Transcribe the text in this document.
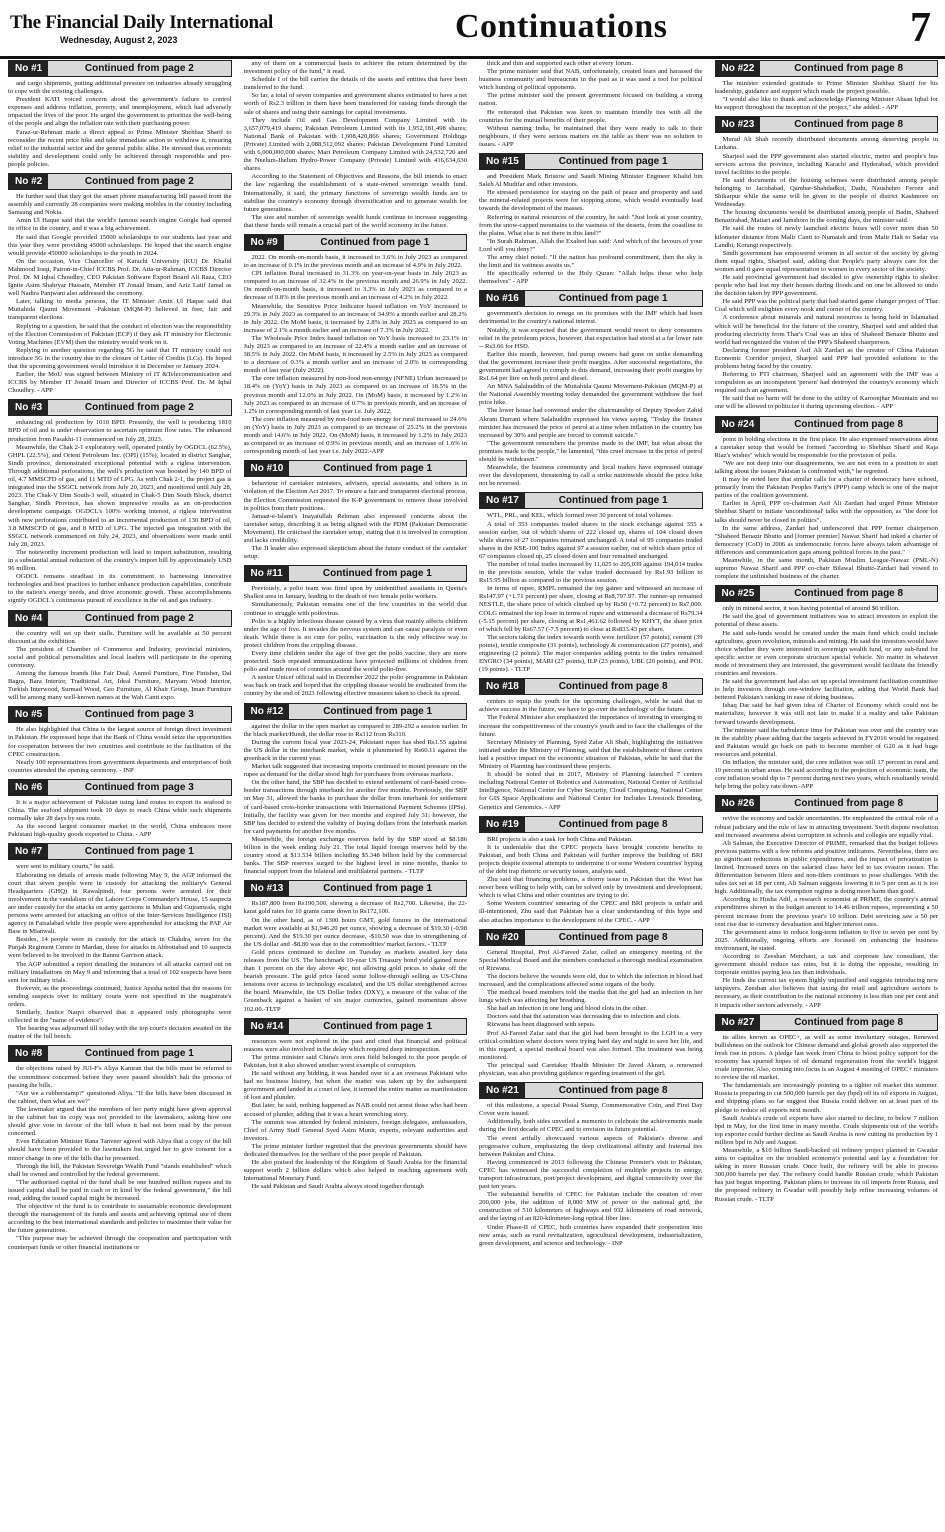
The Financial Daily International
Wednesday, August 2, 2023	Continuations	7
No #1	Continued from page 2

and cargo shipments, putting additional pressure on industries already struggling to cope with the existing challenges.

President KATI voiced concern about the government's failure to control expenses and address inflation, poverty, and unemployment, which had adversely impacted the lives of the poor. He urged the government to prioritize the well-being of the people and align the inflation rate with their purchasing power.

Faraz-ur-Rehman made a direct appeal to Prime Minister Shehbaz Sharif to reconsider the recent price hike and take immediate action to withdraw it, ensuring relief to the industrial sector and the general public alike. He stressed that economic stability and development could only be achieved through responsible and pro-people policies.

No #2	Continued from page 2

He further said that they got the smart phone manufacturing bill passed from the assembly and currently 28 companies were making mobiles in the country including Samsung and Nokia.

Amin Ul Haque said that the world's famous search engine Google had opened its office in the country, and it was a big achievement.

He said that Google provided 15000 scholarships to our students last year and this year they were providing 45000 scholarships. He hoped that the search engine would provide 450000 scholarships to the youth in 2024.

On the occasion, Vice Chancellor of Karachi University (KU) Dr. Khalid Mahmood Iraqi, Patron-in-Chief ICCBS Prof. Dr. Atta-ur-Rahman, ICCBS Director Prof. Dr. M Iqbal Choudhry, CEO Pakistan Software Export Board Ali Raza, CEO Ignite Asim Shahryar Hussain, Member IT Jonaid Imam, and Aziz Latif Jamal as well Nadira Panjwani also addressed the ceremony.

Later, talking to media persons, the IT Minister Amin Ul Haque said that Muttahida Qaumi Movement -Pakistan (MQM-P) believed in free, fair and transparent elections.

Replying to a question, he said that the conduct of election was the responsibility of the Election Commission of Pakistan (ECP) if they ask IT ministry for Electronic Voting Machines (EVM) then the ministry would work on it.

Replying to another question regarding 5G he said that IT ministry could not introduce 5G in the country due to the closure of Letter of Credits (LCs). He hoped that the upcoming government would introduce it in December or January 2024.

Earlier, the MoU was signed between Ministry of IT &Telecommunication and ICCBS by Member IT Jonaid Imam and Director of ICCBS Prof. Dr. M Iqbal Choudhry. - APP

No #3	Continued from page 2

enhancing oil production by 1010 BPD. Presently, the well is producing 1810 BPD of oil and is under observation to ascertain optimum flow rates. The enhanced production from Pasakhi-11 commenced on July 28, 2023.

Meanwhile, the Chak 2-1 exploratory well, operated jointly by OGDCL (62.5%), GHPL (22.5%), and Orient Petroleum Inc. (OPI) (15%), located in district Sanghar, Sindh province, demonstrated exceptional potential with a rigless intervention. Through additional perforations, the well's production was boosted by 140 BPD of oil, 4.7 MMSCFD of gas, and 11 MTD of LPG. As with Chak 2-1, the project gas is integrated into the SSGCL network from July 20, 2023, and monitored until July 28, 2023. The Chak-V Dim South-3 well, situated in Chak-5 Dim South Block, district Sanghar, Sindh Province, has shown impressive results as an on-production development campaign. OGDCL's 100% working interest, a rigless intervention with new perforations contributed to an incremental production of 130 BPD of oil, 3.8 MMSCFD of gas, and 8 MTD of LPG. The injected gas integration with the SSGCL network commenced on July 24, 2023, and observations were made until July 28, 2023.

The noteworthy increment production will lead to import substitution, resulting in a substantial annual reduction of the country's import bill by approximately USD 96 million.

OGDCL remains steadfast in its commitment to harnessing innovative technologies and best practices to further enhance production capabilities, contribute to the nation's energy needs, and drive economic growth. These accomplishments signify OGDCL's continuous pursuit of excellence in the oil and gas industry.

No #4	Continued from page 2

the country will set up their stalls. Furniture will be available at 50 percent discount at the exhibition.

The president of Chamber of Commerce and Industry, provincial ministers, social and political personalities and local leaders will participate in the opening ceremony.

Among the famous brands like Fair Deal, Anmol Furniture, Fine Finisher, Dal Bagra, Bara Interior, Traditional Art, Ideal Furniture, Maryam Wood Interior, Turkish Interwood, Surmad Wood, Geo Furniture, Al Khair Group, Iman Furniture will be among many well-known names at the Wah Cantt expo.

No #5	Continued from page 3

He also highlighted that China is the largest source of foreign direct investment in Pakistan. He expressed hope that the Bank of China would seize the opportunities for cooperation between the two countries and contribute to the facilitation of the CPEC construction.

Nearly 100 representatives from government departments and enterprises of both countries attended the opening ceremony. - INP

No #6	Continued from page 3

It is a major achievement of Pakistan using land routes to export its seafood to China. The seafood shipment took 10 days to reach China while such shipments normally take 28 days by sea route.

As the second largest consumer market in the world, China embraces more Pakistani high-quality goods exported to China. - APP

No #7	Continued from page 1

were sent to military courts," he said.

Elaborating on details of arrests made following May 9, the AGP informed the court that seven people were in custody for attacking the military's General Headquarters (GHQ) in Rawalpindi, four persons were arrested for their involvement in the vandalism of the Lahore Corps Commander's House, 15 suspects are under custody for the attacks on army garrisons in Multan and Gujranwala, eight persons were arrested for attacking an office of the Inter-Services Intelligence (ISI) agency in Faisalabad while five people were apprehended for attacking the PAF Air Base in Mianwali.

Besides, 14 people were in custody for the attack in Chakdra, seven for the Punjab Regiment Centre in Mardan, three for attacks in Abbottabad and 10 suspects were believed to be involved in the Bannu Garrison attack.

The AGP submitted a report detailing the instances of all attacks carried out on military installations on May 9 and informing that a total of 102 suspects have been sent for military trials.

However, as the proceedings continued, Justice Ayesha noted that the reasons for sending suspects over to military courts were not specified in the magistrate's orders.

Similarly, Justice Naqvi observed that it appeared only photographs were collected in the "name of evidence".

The hearing was adjourned till today with the top court's decision awaited on the matter of the full bench.

No #8	Continued from page 1

the objections raised by JUI-F's Aliya Kamran that the bills must be referred to the committees concerned before they were passed shouldn't halt the process of passing the bills.

"Are we a rubberstamp?" questioned Aliya. "If the bills have been discussed in the cabinet, then what are we?"

The lawmaker argued that the members of her party might have given approval in the cabinet but its copy was not provided to the lawmakers, asking how one should give vote in favour of the bill when it had not been read by the person concerned.

Even Education Minister Rana Tanveer agreed with Aliya that a copy of the bill should have been provided to the lawmakers but urged her to give consent for a minor change in one of the bills that he presented.

Through the bill, the Pakistan Sovereign Wealth Fund "stands established" which shall be owned and controlled by the federal government.

"The authorised capital of the fund shall be one hundred million rupees and its issued capital shall be paid in cash or in kind by the federal government," the bill read, adding the issued capital might be increased.

The objective of the fund is to contribute to sustainable economic development through the management of its funds and assets and achieving optimal use of them according to the best international standards and policies to maximise their value for the future generations.

"This purpose may be achieved through the cooperation and participation with counterpart funds or other financial institutions or

any of them on a commercial basis to achieve the return determined by the investment policy of the fund," it read.

Schedule I of the bill carries the details of the assets and entities that have been transferred to the fund.

So far, a total of seven companies and government shares estimated to have a net worth of Rs2.3 trillion in them have been transferred for raising funds through the sale of shares and using their earnings for capital investments.

They include Oil and Gas Development Company Limited with its 3,657,079,419 shares; Pakistan Petroleum Limited with its 1,952,181,498 shares; National Bank of Pakistan with 1,608,420,866 shares; Government Holdings (Private) Limited with 2,088,512,092 shares; Pakistan Development Fund Limited with 6,000,000,000 shares; Mari Petroleum Company Limited with 24,532,720 and the Neelum-Jhelum Hydro-Power Company (Private) Limited with 416,634,630 shares.

According to the Statement of Objectives and Reasons, the bill intends to enact the law regarding the establishment of a state-owned sovereign wealth fund. Internationally, it said, the primary functions of sovereign wealth funds are to stabilise the country's economy through diversification and to generate wealth for future generations.

The size and number of sovereign wealth funds continue to increase suggesting that these funds will remain a crucial part of the world economy in the future.

No #9	Continued from page 1

2022. On month-on-month basis, it increased to 3.6% in July 2023 as compared to an increase of 0.1% in the previous month and an increase of 4.9% in July 2022.

CPI inflation Rural increased to 31.3% on year-on-year basis in July 2023 as compared to an increase of 32.4% in the previous month and 26.9% in July 2022. On month-on-month basis, it increased to 3.3% in July 2023 as compared to a decrease of 0.8% in the previous month and an increase of 4.2% in July 2022.

Meanwhile, the Sensitive Price Indicator based inflation on YoY increased to 29.3% in July 2023 as compared to an increase of 34.9% a month earlier and 28.2% in July 2022. On MoM basis, it increased by 2.8% in July 2023 as compared to an increase of 2.1% a month earlier and an increase of 7.3% in July 2022.

The Wholesale Price Index based inflation on YoY basis increased to 23.1% in July 2023 as compared to an increase of 22.4% a month earlier and an increase of 38.5% in July 2022. On MoM basis, it increased by 2.5% in July 2023 as compared to a decrease of 0.3% a month earlier and an increase of 2.0% in corresponding month of last year (July 2022).

The core inflation measured by non-food non-energy (NFNE) Urban increased to 18.4% on (YoY) basis in July 2023 as compared to an increase of 18.5% in the previous month and 12.0% in July 2022. On (MoM) basis, it increased by 1.2% in July 2023 as compared to an increase of 0.7% in previous month, and an increase of 1.2% in corresponding month of last year i.e. July 2022.

The core inflation measured by non-food non-energy for rural increased to 24.6% on (YoY) basis in July 2023 as compared to an increase of 25.2% in the previous month and 14.6% in July 2022. On (MoM) basis, it increased by 1.2% in July 2023 as compared to an increase of 0.9% in previous month, and an increase of 1.6% in corresponding month of last year i.e. July 2022.-APP

No #10	Continued from page 1

behaviour of caretaker ministers, advisers, special assistants, and others is in violation of the Election Act 2017. To ensure a fair and transparent electoral process, the Election Commission requested the K-P government to remove those involved in politics from their positions.

Jamaat-e-Islami's Inayatullah Rehman also expressed concerns about the caretaker setup, describing it as being aligned with the PDM (Pakistan Democratic Movement). He criticised the caretaker setup, stating that it is involved in corruption and lacks credibility.

The JI leader also expressed skepticism about the future conduct of the caretaker setup.

No #11	Continued from page 1

Previously, a polio team was fired upon by unidentified assailants in Quetta's Shalkot area in January, leading to the death of two female polio workers.

Simultaneously, Pakistan remains one of the few countries in the world that continue to struggle with poliovirus.

Polio is a highly infectious disease caused by a virus that mainly affects children under the age of five. It invades the nervous system and can cause paralysis or even death. While there is no cure for polio, vaccination is the only effective way to protect children from the crippling disease.

Every time children under the age of five get the polio vaccine, they are more protected. Such repeated immunizations have protected millions of children from polio and made most of countries around the world polio-free.

A senior Unicef official said in December 2022 the polio programme in Pakistan was back on track and hoped that the crippling disease would be eradicated from the country by the end of 2023 following effective measures taken to check its spread.

No #12	Continued from page 1

against the dollar in the open market as compared to 289-292 a session earlier. In the black market/Hundi, the dollar rose to Rs312 from Rs310.

During the current fiscal year 2023-24, Pakistani rupee has shed Rs1.55 against the US dollar in the interbank market, while it plummeted by Rs60.11 against the greenback in the current year.

Market talk suggested that increasing imports continued to mount pressure on the rupee as demand for the dollar stood high for purchases from overseas markets.

On the other hand, the SBP has decided to extend settlement of card-based cross-border transactions through interbank for another five months. Previously, the SBP on May 31, allowed the banks to purchase the dollar from interbank for settlement of card-based cross-border transactions with International Payment Schemes (IPSs). Initially, the facility was given for two months and expired July 31; however, the SBP has decided to extend the validity of buying dollars from the interbank market for card payments for another five months.

Meanwhile, the foreign exchange reserves held by the SBP stood at $8.186 billion in the week ending July 21. The total liquid foreign reserves held by the country stood at $13.534 billion including $5.348 billion held by the commercial banks. The SBP reserves surged to the highest level in nine months, thanks to financial support from the bilateral and multilateral partners. - TLTP

No #13	Continued from page 1

Rs187,800 from Rs190,500, showing a decrease of Rs2,700. Likewise, the 22-karat gold rates for 10 grams came down to Rs172,100.

On the other hand, as of 1300 hours GMT, gold futures in the international market were available at $1,946.20 per ounce, showing a decrease of $19.30 (-0.98 percent). And the $19.30 per ounce decrease, -$10.50 was due to strengthening of the US dollar and -$8.80 was due to the commodities' market factors. - TLTP

Gold prices continued to decline on Tuesday as markets awaited key data releases from the US. The benchmark 10-year US Treasury bond yield gained more than 1 percent on the day above 4pc, not allowing gold prices to shake off the bearish pressure. The gold price faced some follow-through selling as US-China tensions over access to technology escalated, and the US dollar strengthened across the board. Meanwhile, the US Dollar Index (DXY), a measure of the value of the Greenback against a basket of six major currencies, gained momentum above 102.00.-TLTP

No #14	Continued from page 1

resources were not explored in the past and cited that financial and political reasons were also involved in the delay which required deep introspection.

The prime minister said China's iron ores field belonged to the poor people of Pakistan, but it also showed another worst example of corruption.

He said without any bidding, it was handed over to a an overseas Pakistani who had no business history, but when the matter was taken up by the subsequent government and landed in a court of law, it termed the entire matter as manifestation of loot and plunder.

But later, he said, nothing happened as NAB could not arrest those who had been accused of plunder, adding that it was a heart wrenching story.

The summit was attended by federal ministers, foreign delegates, ambassadors, Chief of Army Staff General Syed Asim Munir, experts, relevant authorities and investors.

The prime minister further regretted that the previous governments should have dedicated themselves for the welfare of the poor people of Pakistan.

He also praised the leadership of the Kingdom of Saudi Arabia for the financial support worth 2 billion dollars which also helped in reaching agreement with International Monetary Fund.

He said Pakistan and Saudi Arabia always stood together through

thick and thin and supported each other at every forum.

The prime minister said that NAB, unfortunately, created fears and harassed the business community and bureaucrats in the past as it was used a tool for political witch hunting of political opponents.

The prime minister said the present government focused on building a strong nation.

He reiterated that Pakistan was keen to maintain friendly ties with all the countries for the mutual benefits of their people.

Without naming India, he maintained that they were ready to talk to their neighbours, if they were serious matters on the table as there was no solution to issues. - APP

No #15	Continued from page 1

and President Mark Bristow and Saudi Mining Minister Engineer Khalid bin Saleh Al Mudifar and other investors.

He stressed persistence for staying on the path of peace and prosperity and said the mineral-related projects were for stopping stone, which would eventually lead towards the development of the masses.

Referring to natural resources of the country, he said: "Just look at your country, from the snow-capped mountains to the vastness of the deserts, from the coastline to the plains. What else is not there in this land?"

"In Surah Rahman, Allah the Exalted has said: And which of the favours of your Lord will you deny?"

The army chief noted: "If the nation has profound commitment, then the sky is the limit and its vastness awaits us."

He specifically referred to the Holy Quran: "Allah helps those who help themselves" - APP

No #16	Continued from page 1

government's decision to renege on its promises with the IMF which had been detrimental to the country's national interest.

Notably, it was expected that the government would resort to deny consumers relief in the petroleum prices, however, that expectation had stood at a far lower rate -- Rs3.66 for HSD.

Earlier this month, however, fuel pump owners had gone on strike demanding that the government increase their profit margins. After successful negotiations, the government had agreed to comply to this demand, increasing their profit margins by Rs1.64 per litre on both petrol and diesel.

An MNA Salahuddin of the Muttahida Qaumi Movement-Pakistan (MQM-P) at the National Assembly meeting today demanded the government withdraw the fuel price hike.

The lower house had convened under the chairmanship of Deputy Speaker Zahid Akram Durrani where Salahuddin expressed his views saying, "Today the finance minister has increased the price of petrol at a time when inflation in the country has increased by 30% and people are forced to commit suicide."

"The government remembers the promise made to the IMF, but what about the promises made to the people," he lamented, "this cruel increase in the price of petrol should be withdrawn."

Meanwhile, the business community and local traders have expressed outrage over the development, threatening to call a strike nationwide should the price hike not be reversed.

No #17	Continued from page 1

WTL, PRL, and KEL, which formed over 30 percent of total volumes.

A total of 353 companies traded shares in the stock exchange against 355 a session earlier, out of which shares of 222 closed up, shares of 104 closed down while shares of 27 companies remained unchanged. A total of 99 companies traded shares in the KSE-100 Index against 97 a session earlier, out of which share price of 67 companies closed up, 25 closed down and four remained unchanged.

The number of total trades increased by 11,025 to 205,039 against 194,014 trades in the previous session, while the value traded decreased by Rs1.93 billion to Rs15.95 billion as compared to the previous session.

In terms of rupee, RMPL remained the top gainer and witnessed an increase of Rs147.97 (+1.71 percent) per share, closing at Rs8,797.97. The runner-up remained NESTLE, the share price of which climbed up by Rs50 (+0.72 percent) to Rs7,000. COLG remained the top loser in terms of rupee and witnessed a decrease of Rs79.34 (-5.15 percent) per share, closing at Rs1,461.62 followed by KHYT, the share price of which fell by Rs67.57 (-7.5 percent) to close at Rs833.43 per share.

The sectors taking the index towards north were fertilizer (57 points), cement (39 points), textile composite (31 points), technology & communication (27 points), and engineering (2 points). The major companies adding points to the index remained ENGRO (34 points), MARI (27 points), ILP (23 points), UBL (20 points), and POL (19 points). - TLTP

No #18	Continued from page 8

centers to equip the youth for the upcoming challenges, while he said that to achieve success in the future, we have to go over the technology of the future.

The Federal Minister also emphasized the importance of investing in emerging to increase the competitiveness of the country's youth and to face the challenges of the future.

Secretary Ministry of Planning, Syed Zafar Ali Shah, highlighting the initiatives initiated under the Ministry of Planning, said that the establishment of these centers had a positive impact on the economic situation of Pakistan, while he said that the Ministry of Planning has continued these projects.

It should be noted that in 2017, Ministry of Planning launched 7 centers including National Center of Robotics and Automation, National Center of Artificial Intelligence, National Center for Cyber Security, Cloud Computing, National Center for GIS Space Applications and National Center for Includes Livestock Breeding, Genetics and Genomics. - APP

No #19	Continued from page 8

BRI projects is also a task for both China and Pakistan.

It is undeniable that the CPEC projects have brought concrete benefits to Pakistan, and both China and Pakistan will further improve the building of BRI projects despite external attempts to undermine it or some Western countries' hyping of the debt trap rhetoric or security issues, analysts said.

Zhu said that financing problems, a thorny issue in Pakistan that the West has never been willing to help with, can be solved only by investment and development, which is what China and other countries are trying to do.

Some Western countries' smearing of the CPEC and BRI projects is unfair and ill-intentioned, Zhu said that Pakistan has a clear understanding of this hype and also attaches importance to the development of the CPEC. - APP

No #20	Continued from page 8

General Hospital, Prof Al-Fareed Zafar, called an emergency meeting of the Special Medical Board and the members conducted a thorough medical examination of Rizwana.

The doctors believe the wounds were old, due to which the infection in blood had increased, and the complications affected some organs of the body.

The medical board members told the media that the girl had an infection in her lungs which was affecting her breathing.

She had an infection in one lung and blood clots in the other.

Doctors said that the saturation was decreasing due to infection and clots.

Rizwana has been diagnosed with sepsis.

Prof Al-Fareed Zafar said that the girl had been brought to the LGH in a very critical condition where doctors were trying hard day and night to save her life, and in this regard, a special medical board was also formed. The treatment was being monitored.

The principal said Caretaker Health Minister Dr Javed Akram, a renowned physician, was also providing guidance regarding treatment of the girl.

No #21	Continued from page 8

of this milestone, a special Postal Stamp, Commemorative Coin, and First Day Cover were issued.

Additionally, both sides unveiled a memento to celebrate the achievements made during the first decade of CPEC and to envision its future potential.

The event artfully showcased various aspects of Pakistan's diverse and progressive culture, emphasizing the deep civilizational affinity and fraternal ties between Pakistan and China.

Having commenced in 2013 following the Chinese Premier's visit to Pakistan, CPEC has witnessed the successful completion of multiple projects in energy, transport infrastructure, port/project development, and digital connectivity over the past ten years.

The substantial benefits of CPEC for Pakistan include the creation of over 200,000 jobs, the addition of 8,000 MW of power to the national grid, the construction of 510 kilometers of highways and 932 kilometers of road network, and the laying of an 820-kilometer-long optical fiber line.

Under Phase-II of CPEC, both countries have expanded their cooperation into new areas, such as rural revitalization, agricultural development, industrialization, green development, and science and technology. - INP

No #22	Continued from page 8

The minister extended gratitude to Prime Minister Shehbaz Sharif for his leadership, guidance and support which made the project possible.

"I would also like to thank and acknowledge Planning Minister Ahsan Iqbal for his support throughout the inception of the project," she added. - APP

No #23	Continued from page 8

Murad Ali Shah recently distributed documents among deserving people in Larkana.

Sharjeel said the PPP government also started electric, metro and people's bus services across the province, including Karachi and Hyderabad, which provided travel facilities to the people.

He said documents of the housing schemes were distributed among people belonging to Jacobabad, Qambar-Shahdadkot, Dadu, Naushehro Feroze and Shikarpur while the same will be given to the people of district Kashmore on Wednesday.

The housing documents would be distributed among people of Badin, Shaheed Benazirabad, Matiari and Jamshoro in the coming days, the minister said.

He said the routes of newly launched electric buses will cover more than 50 kilometer distance from Malir Cantt to Numaish and from Malir Halt to Sadar via Landhi, Korangi respectively.

Sindh government has empowered women in all sector of the society by giving them equal rights, Sharjeel said, adding that People's party always care for the women and it gave equal representation to women in every sector of the society.

He said provincial government had decided to give ownership rights to shelter people who had lost my their houses during floods and on one be allowed to undo the decision taken by PPP government.

He said PPP was the political party that had started game changer project of Thar Coal which will enlighten every nook and corner of the country.

A conference about minerals and natural resources is being held in Islamabad which will be beneficial for the future of the country, Sharjeel said and added that producing electricity from Thar's Coal was an idea of Shaheed Benazir Bhutto and world had recognized the vision of the PPP's Shaheed chairperson.

Declaring former president Asif Ali Zardari as the creator of China Pakistan Economic Corridor project, Sharjeel said PPP had provided solutions to the problems being faced by the country.

Referring to PTI chairman, Sharjeel said an agreement with the IMF was a compulsion as an incompetent 'person' had destroyed the country's economy which required such an agreement.

He said that no harm will be done to the utility of Karoonjhar Mountain and no one will be allowed to politicize it during upcoming election. - APP

No #24	Continued from page 8

point in holding elections in the first place. He also expressed reservations about a caretaker setup that would be formed "according to Shehbaz Sharif and Raja Riaz's wishes" which would be responsible for the provision of polls.

"We are not deep into our disagreements, we are not even in a position to start talking about the issues Pakistan is confronted with," he regretted.

It may be noted here that similar calls for a charter of democracy have echoed, primarily from the Pakistan Peoples Party's (PPP) camp which is one of the major parties of the coalition government.

Earlier in April, PPP co-chairman Asif Ali Zardari had urged Prime Minister Shehbaz Sharif to initiate 'unconditional' talks with the opposition, as "the door for talks should never be closed in politics".

In the same address, Zardari had underscored that PPP former chairperson "Shaheed Benazir Bhutto and [former premier] Nawaz Sharif had inked a charter of democracy (CoD) in 2006 as undemocratic forces have always taken advantage of differences and communication gaps among political forces in the past."

Meanwhile, in the same month, Pakistan Muslim League-Nawaz (PML-N) supremo Nawaz Sharif and PPP co-chair Bilawal Bhutto-Zardari had vowed to complete the unfinished business of the charter.

No #25	Continued from page 8

only in mineral sector, it was having potential of around $6 trillion.

He said the goal of government initiatives was to attract investors to exploit the potential of these assets.

He said sub-funds would be created under the main fund which could include agriculture, green revolution, minerals and mining. He said the investors would have choice whether they were interested in sovereign wealth fund, or any sub-fund for specific sector or even corporate structure special vehicle. No matter in whatever mode of investment they are interested, the government would facilitate the friendly countries and investors.

He said the government had also set up special investment facilitation committee to help investors through one-window facilitation, adding that World Bank had bettered Pakistan's ranking in ease of doing business.

Ishaq Dar said he had given idea of Charter of Economy which could not be materialize, however it was still not late to make it a reality and take Pakistan forward towards development.

The minister said the turbulence time for Pakistan was over and the country was in the stability phase adding that the targets achieved in FY2016 would be regained and Pakistan would go back on path to become member of G20 as it had huge resources and potential.

On inflation, the minister said, the core inflation was still 17 percent in rural and 19 percent in urban areas. He said according to the projection of economic team, the core inflation would dip to 7 percent during next two years, which resultantly would help bring the policy rate down.-APP

No #26	Continued from page 8

revive the economy and tackle uncertainties. He emphasized the critical role of a robust judiciary and the rule of law in attracting investment. Swift dispute resolution and increased awareness about corruption in schools and colleges are equally vital.

Ali Salman, the Executive Director of PRIME, remarked that the budget follows previous patterns with a few reforms and positive indicators. Nevertheless, there are no significant reductions in public expenditures, and the impact of privatization is limited. Increased taxes on the salaried class have led to tax evasion issues. The differentiation between filers and non-filers continues to pose challenges. With the sales tax set at 18 per cent, Ali Salman suggests lowering it to 5 per cent as it is too high. Additionally, the tax exemption regime is doing more harm than good.

According to Husha Adil, a research economist at PRIME, the country's annual expenditures shown in the budget amount to 14.46 trillion rupees, representing a 50 percent increase from the previous year's 10 trillion. Debt servicing saw a 50 per cent rise due to currency devaluation and higher interest rates.

The government aims to reduce long-term inflation to five to seven per cent by 2025. Additionally, ongoing efforts are focused on enhancing the business environment, he stated.

According to Zeeshan Merchant, a tax and corporate law consultant, the government should reduce tax rates, but it is doing the opposite, resulting in corporate entities paying less tax than individuals.

He finds the current tax system highly unjustified and suggests introducing new taxpayers. Zeeshan also believes that taxing the retail and agriculture sectors is necessary, as their contribution to the national economy is less than one per cent and it impacts other sectors adversely. - APP

No #27	Continued from page 8

its allies known as OPEC+, as well as some involuntary outages. Renewed bullishness on the outlook for Chinese demand and global growth also supported the fresh rise in prices. A pledge last week from China to boost policy support for the economy has spurred hopes of oil demand regeneration from the world's biggest crude importer. Also, coming into focus is an August 4 meeting of OPEC+ ministers to review the oil market.

The fundamentals are increasingly pointing to a tighter oil market this summer. Russia is preparing to cut 500,000 barrels per day (bpd) off its oil exports in August, and shipping plans so far suggest that Russia could deliver on at least part of its pledge to reduce oil exports next month.

Saudi Arabia's crude oil exports have also started to decline, to below 7 million bpd in May, for the first time in many months. Crude shipments out of the world's top exporter could further decline as Saudi Arabia is now cutting its production by 1 million bpd in July and August.

Meanwhile, a $10 billion Saudi-backed oil refinery project planned in Gwadar aims to capitalize on the troubled economy's potential and lay a foundation for taking in more Russian crude. Once built, the refinery will be able to process 300,000 barrels per day. The refinery could handle Russian crude, which Pakistan has just begun importing. Pakistan plans to increase its oil imports from Russia, and the proposed refinery in Gwadar will possibly help refine increasing volumes of Russian crude. - TLTP
